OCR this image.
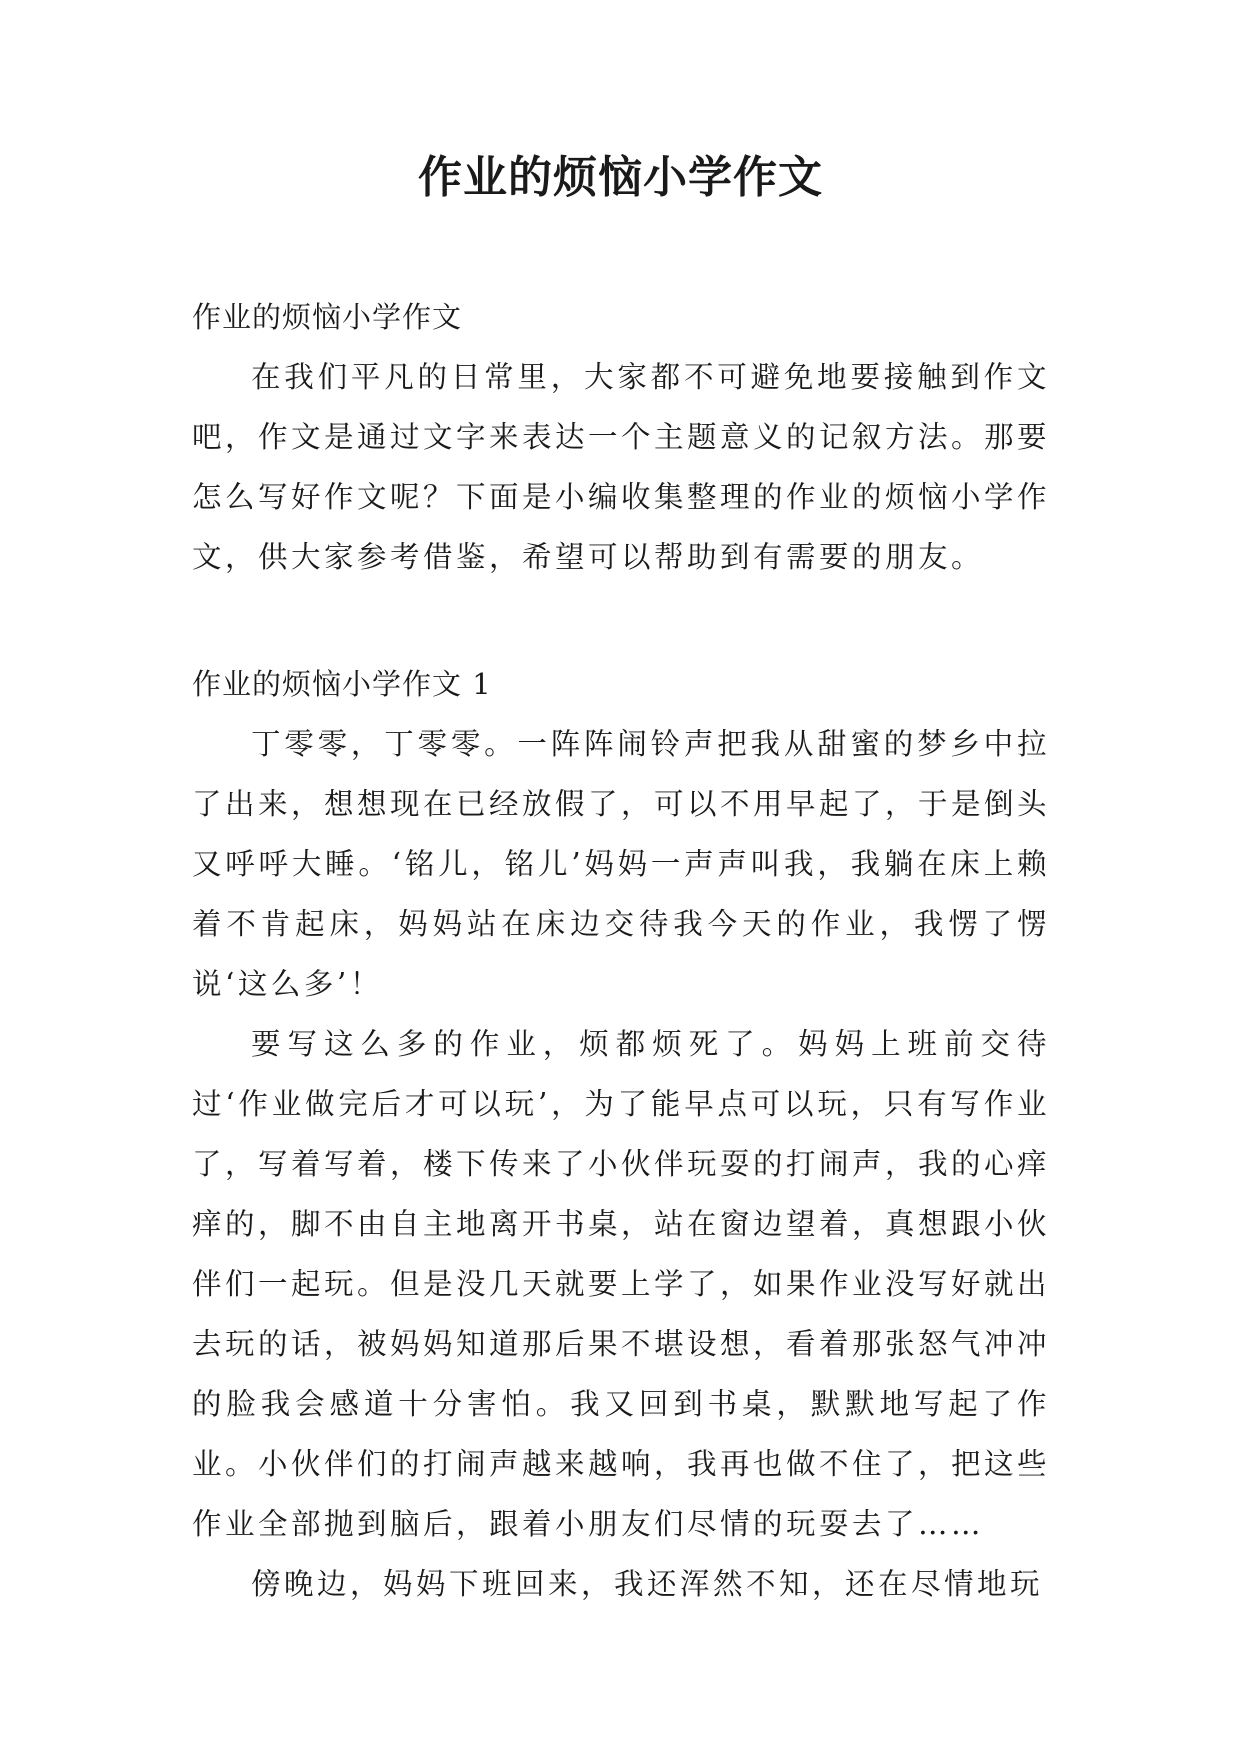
作业的烦恼小学作文

作业的烦恼小学作文

在我们平凡的日常里，大家都不可避免地要接触到作文吧，作文是通过文字来表达一个主题意义的记叙方法。那要怎么写好作文呢？下面是小编收集整理的作业的烦恼小学作文，供大家参考借鉴，希望可以帮助到有需要的朋友。

作业的烦恼小学作文 1

丁零零，丁零零。一阵阵闹铃声把我从甜蜜的梦乡中拉了出来，想想现在已经放假了，可以不用早起了，于是倒头又呼呼大睡。‘铭儿，铭儿’妈妈一声声叫我，我躺在床上赖着不肯起床，妈妈站在床边交待我今天的作业，我愣了愣说‘这么多’！

要写这么多的作业，烦都烦死了。妈妈上班前交待过‘作业做完后才可以玩’，为了能早点可以玩，只有写作业了，写着写着，楼下传来了小伙伴玩耍的打闹声，我的心痒痒的，脚不由自主地离开书桌，站在窗边望着，真想跟小伙伴们一起玩。但是没几天就要上学了，如果作业没写好就出去玩的话，被妈妈知道那后果不堪设想，看着那张怒气冲冲的脸我会感道十分害怕。我又回到书桌，默默地写起了作业。小伙伴们的打闹声越来越响，我再也做不住了，把这些作业全部抛到脑后，跟着小朋友们尽情的玩耍去了……

傍晚边，妈妈下班回来，我还浑然不知，还在尽情地玩
